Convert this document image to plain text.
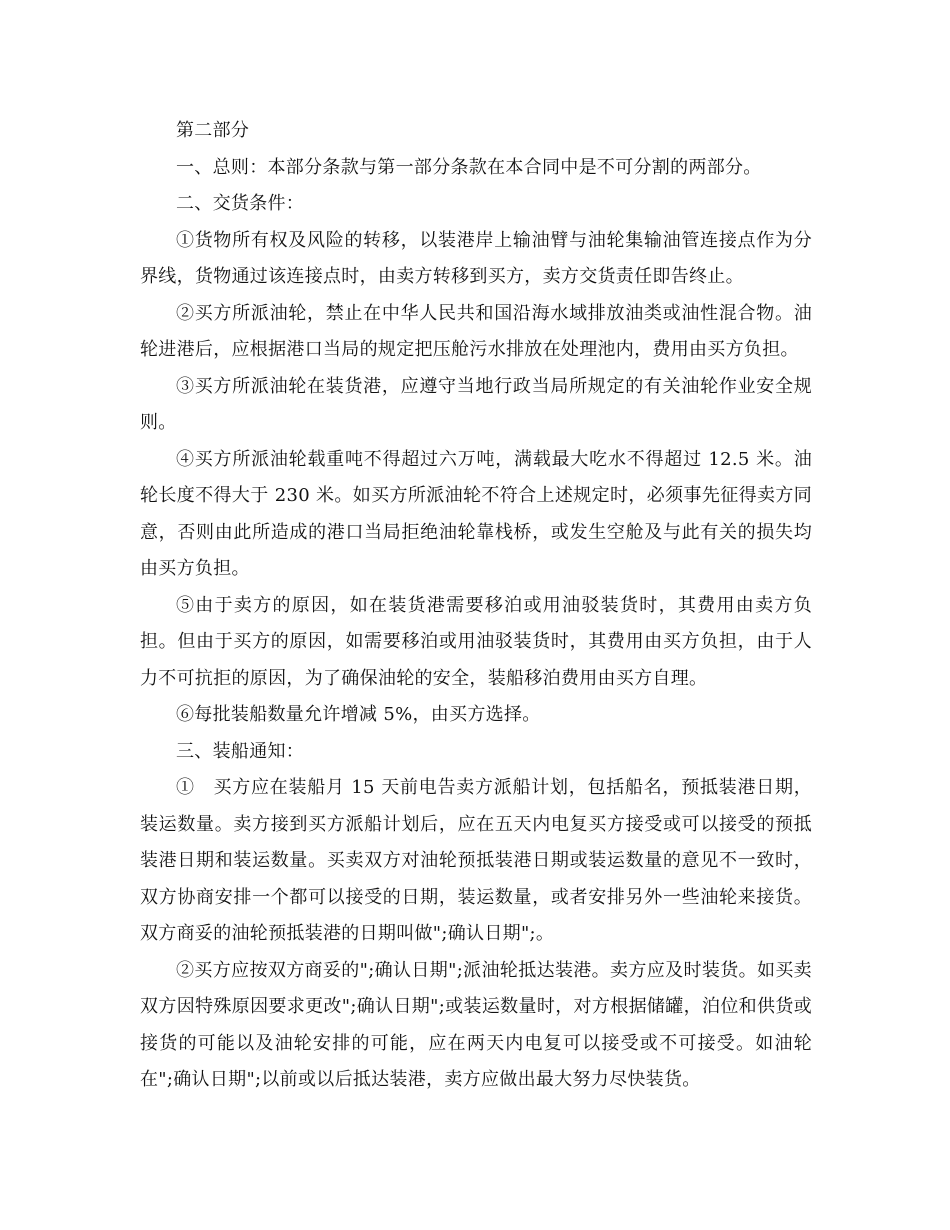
第二部分

一、总则：本部分条款与第一部分条款在本合同中是不可分割的两部分。

二、交货条件：

①货物所有权及风险的转移，以装港岸上输油臂与油轮集输油管连接点作为分界线，货物通过该连接点时，由卖方转移到买方，卖方交货责任即告终止。

②买方所派油轮，禁止在中华人民共和国沿海水域排放油类或油性混合物。油轮进港后，应根据港口当局的规定把压舱污水排放在处理池内，费用由买方负担。

③买方所派油轮在装货港，应遵守当地行政当局所规定的有关油轮作业安全规则。

④买方所派油轮载重吨不得超过六万吨，满载最大吃水不得超过 12.5 米。油轮长度不得大于 230 米。如买方所派油轮不符合上述规定时，必须事先征得卖方同意，否则由此所造成的港口当局拒绝油轮靠栈桥，或发生空舱及与此有关的损失均由买方负担。

⑤由于卖方的原因，如在装货港需要移泊或用油驳装货时，其费用由卖方负担。但由于买方的原因，如需要移泊或用油驳装货时，其费用由买方负担，由于人力不可抗拒的原因，为了确保油轮的安全，装船移泊费用由买方自理。

⑥每批装船数量允许增减 5%，由买方选择。

三、装船通知：

①　买方应在装船月 15 天前电告卖方派船计划，包括船名，预抵装港日期，装运数量。卖方接到买方派船计划后，应在五天内电复买方接受或可以接受的预抵装港日期和装运数量。买卖双方对油轮预抵装港日期或装运数量的意见不一致时，双方协商安排一个都可以接受的日期，装运数量，或者安排另外一些油轮来接货。双方商妥的油轮预抵装港的日期叫做";确认日期";。

②买方应按双方商妥的";确认日期";派油轮抵达装港。卖方应及时装货。如买卖双方因特殊原因要求更改";确认日期";或装运数量时，对方根据储罐，泊位和供货或接货的可能以及油轮安排的可能，应在两天内电复可以接受或不可接受。如油轮在";确认日期";以前或以后抵达装港，卖方应做出最大努力尽快装货。
